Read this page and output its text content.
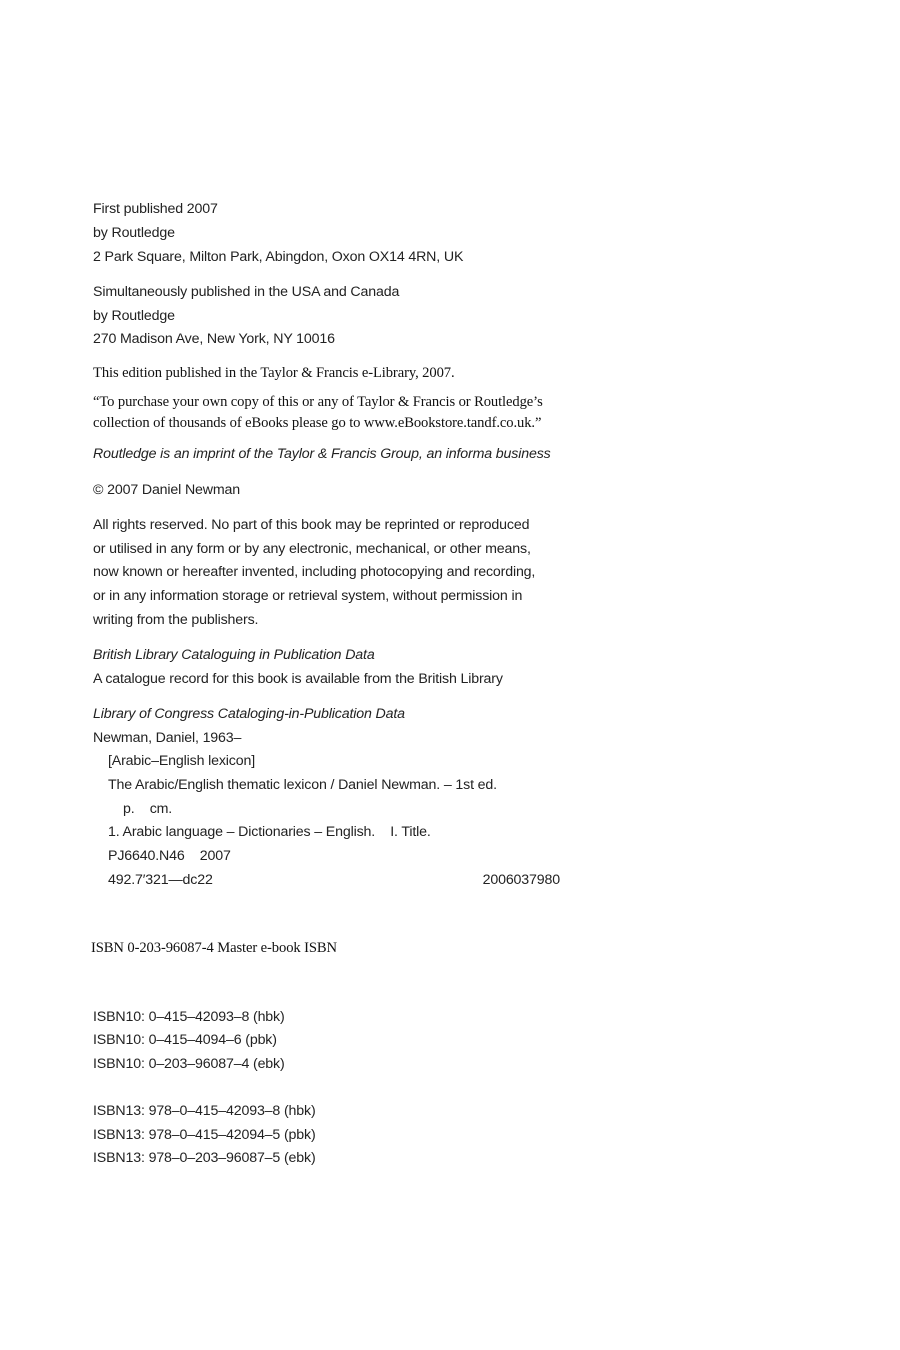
First published 2007
by Routledge
2 Park Square, Milton Park, Abingdon, Oxon OX14 4RN, UK
Simultaneously published in the USA and Canada
by Routledge
270 Madison Ave, New York, NY 10016
This edition published in the Taylor & Francis e-Library, 2007.
“To purchase your own copy of this or any of Taylor & Francis or Routledge’s
collection of thousands of eBooks please go to www.eBookstore.tandf.co.uk.”
Routledge is an imprint of the Taylor & Francis Group, an informa business
© 2007 Daniel Newman
All rights reserved. No part of this book may be reprinted or reproduced
or utilised in any form or by any electronic, mechanical, or other means,
now known or hereafter invented, including photocopying and recording,
or in any information storage or retrieval system, without permission in
writing from the publishers.
British Library Cataloguing in Publication Data
A catalogue record for this book is available from the British Library
Library of Congress Cataloging-in-Publication Data
Newman, Daniel, 1963–
[Arabic–English lexicon]
The Arabic/English thematic lexicon / Daniel Newman. – 1st ed.
p.    cm.
1. Arabic language – Dictionaries – English.    I. Title.
PJ6640.N46    2007
492.7′321—dc22	2006037980
ISBN 0-203-96087-4 Master e-book ISBN
ISBN10: 0–415–42093–8 (hbk)
ISBN10: 0–415–4094–6 (pbk)
ISBN10: 0–203–96087–4 (ebk)
ISBN13: 978–0–415–42093–8 (hbk)
ISBN13: 978–0–415–42094–5 (pbk)
ISBN13: 978–0–203–96087–5 (ebk)
